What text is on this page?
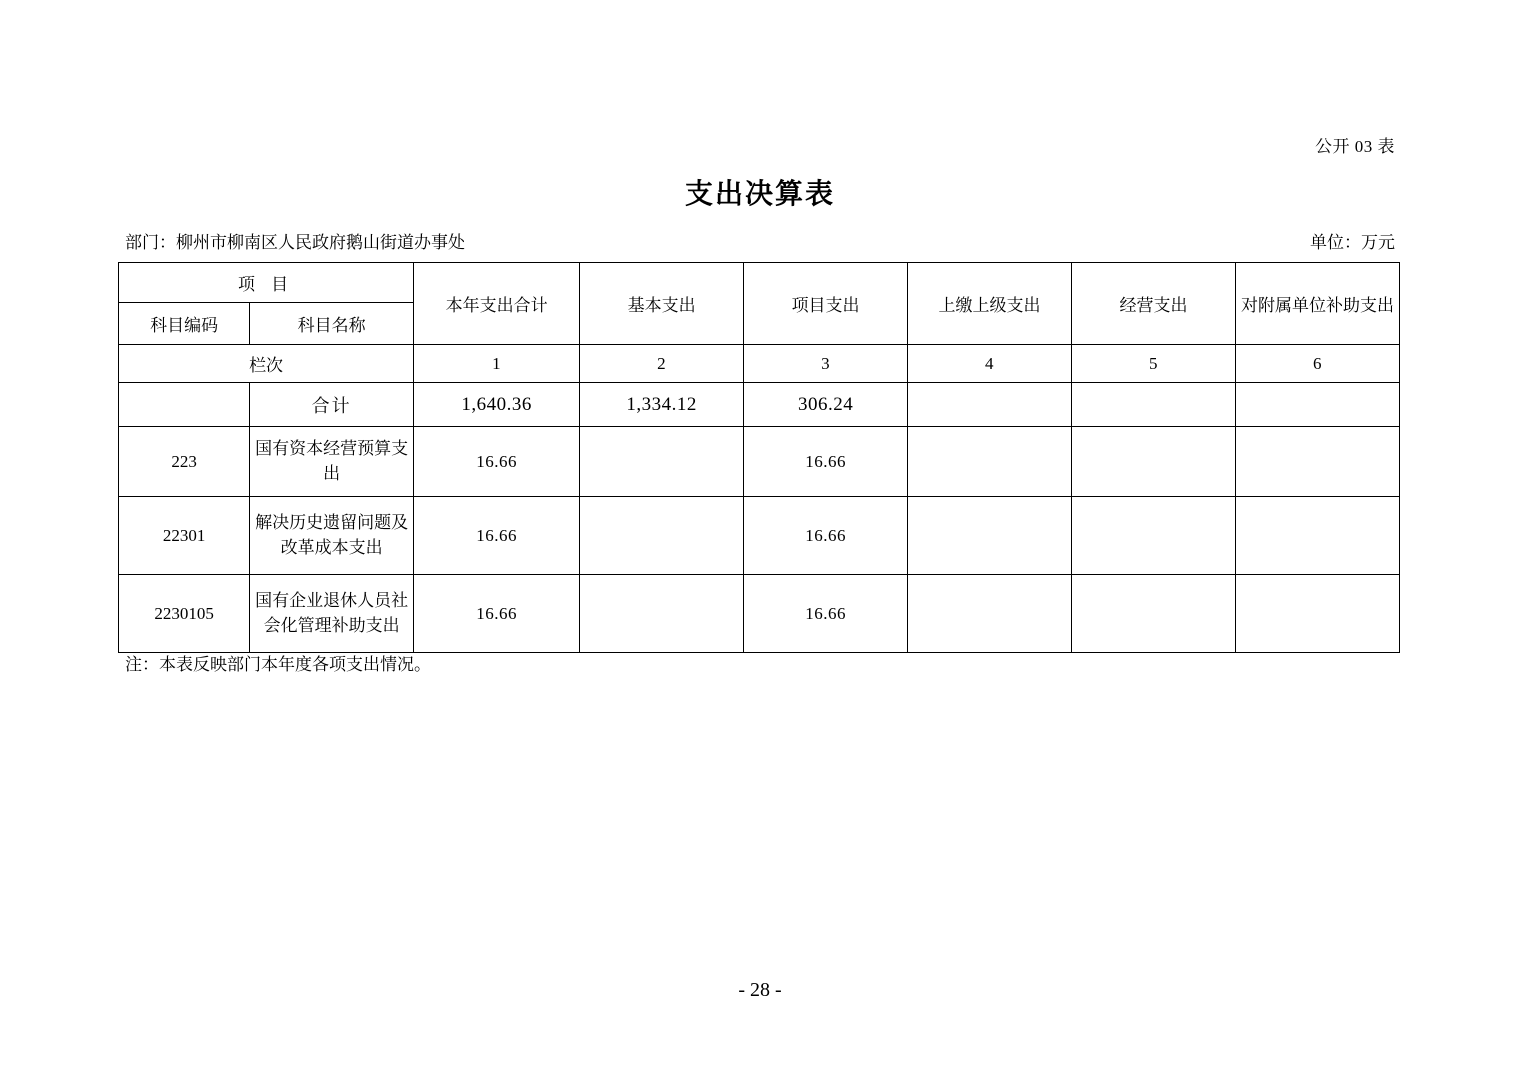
公开 03 表
支出决算表
部门：柳州市柳南区人民政府鹅山街道办事处	单位：万元
项 目		本年支出合计	基本支出	项目支出	上缴上级支出	经营支出	对附属单位补助支出
科目编码	科目名称						
栏次		1	2	3	4	5	6
	合计	1,640.36	1,334.12	306.24			
223	国有资本经营预算支出	16.66		16.66			
22301	解决历史遗留问题及改革成本支出	16.66		16.66			
2230105	国有企业退休人员社会化管理补助支出	16.66		16.66			
注：本表反映部门本年度各项支出情况。
- 28 -
